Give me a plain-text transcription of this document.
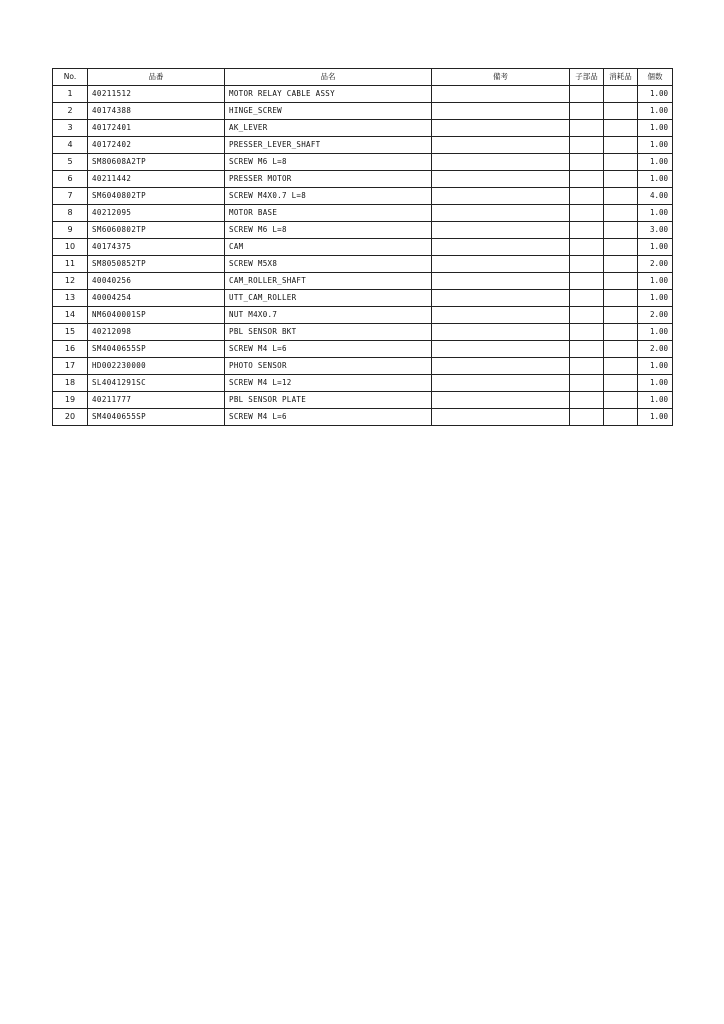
No.	品番	品名	備考	子部品	消耗品	個数
1	40211512	MOTOR RELAY CABLE ASSY				1.00
2	40174388	HINGE_SCREW				1.00
3	40172401	AK_LEVER				1.00
4	40172402	PRESSER_LEVER_SHAFT				1.00
5	SM80608A2TP	SCREW M6 L=8				1.00
6	40211442	PRESSER MOTOR				1.00
7	SM6040802TP	SCREW M4X0.7 L=8				4.00
8	40212095	MOTOR BASE				1.00
9	SM6060802TP	SCREW M6 L=8				3.00
10	40174375	CAM				1.00
11	SM8050852TP	SCREW M5X8				2.00
12	40040256	CAM_ROLLER_SHAFT				1.00
13	40004254	UTT_CAM_ROLLER				1.00
14	NM6040001SP	NUT M4X0.7				2.00
15	40212098	PBL SENSOR BKT				1.00
16	SM4040655SP	SCREW M4 L=6				2.00
17	HD002230000	PHOTO SENSOR				1.00
18	SL4041291SC	SCREW M4 L=12				1.00
19	40211777	PBL SENSOR PLATE				1.00
20	SM4040655SP	SCREW M4 L=6				1.00
